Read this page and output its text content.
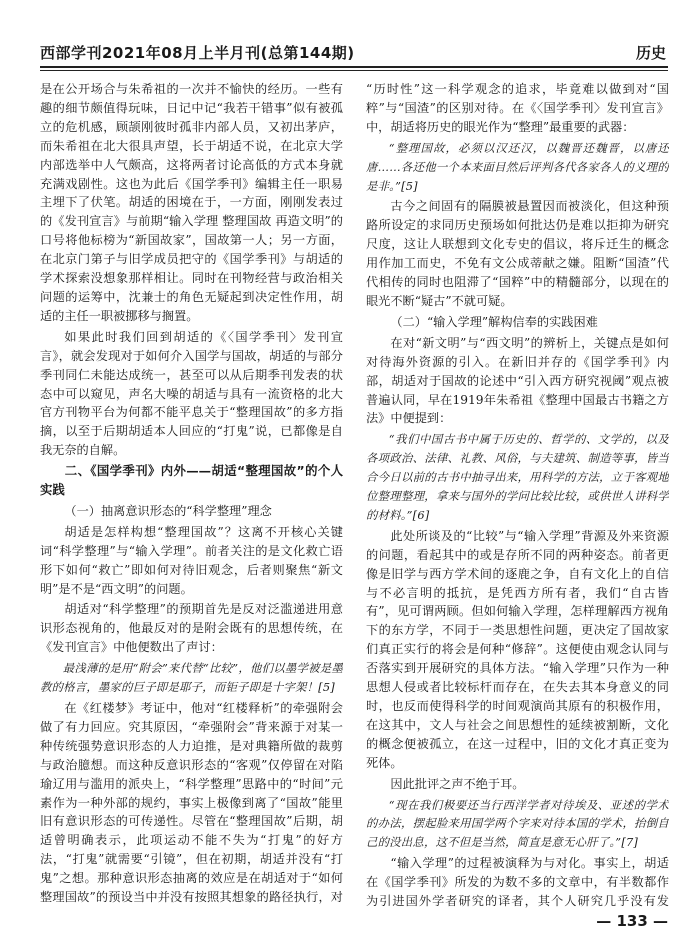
西部学刊2021年08月上半月刊(总第144期)	历史

是在公开场合与朱希祖的一次并不愉快的经历。一些有趣的细节颇值得玩味，日记中记“我若干错事”似有被孤立的危机感，顾颉刚彼时孤非内部人员，又初出茅庐，而朱希祖在北大很具声望，长于胡适不说，在北京大学内部选举中人气颇高，这将两者讨论高低的方式本身就充满戏剧性。这也为此后《国学季刊》编辑主任一职易主埋下了伏笔。胡适的困境在于，一方面，刚刚发表过的《发刊宣言》与前期“输入学理 整理国故 再造文明”的口号将他标榜为“新国故家”，国故第一人；另一方面，在北京门第子与旧学成员把守的《国学季刊》与胡适的学术探索没想象那样相让。同时在刊物经营与政治相关问题的运筹中，沈兼士的角色无疑起到决定性作用，胡适的主任一职被挪移与搁置。

如果此时我们回到胡适的《〈国学季刊〉发刊宣言》，就会发现对于如何介入国学与国故，胡适的与部分季刊同仁未能达成统一，甚至可以从后期季刊发表的状态中可以窥见，声名大噪的胡适与具有一流资格的北大官方刊物平台为何都不能平息关于“整理国故”的多方指摘，以至于后期胡适本人回应的“打鬼”说，已都像是自我无奈的自解。

二、《国学季刊》内外——胡适“整理国故”的个人实践

（一）抽离意识形态的“科学整理”理念

胡适是怎样构想“整理国故”？这离不开核心关键词“科学整理”与“输入学理”。前者关注的是文化救亡语形下如何“救亡”即如何对待旧观念，后者则聚焦“新文明”是不是“西文明”的问题。

胡适对“科学整理”的预期首先是反对泛滥递进用意识形态视角的，他最反对的是附会既有的思想传统，在《发刊宣言》中他便数出了声讨：

最浅薄的是用“附会”来代替“比较”，他们以墨学被是墨教的格言，墨家的巨子即是耶子，而钜子即是十字架！[5]

在《红楼梦》考证中，他对“红楼释析”的牵强附会做了有力回应。究其原因，“牵强附会”背来源于对某一种传统强势意识形态的人力迫推，是对典籍所做的裁剪与政治臆想。而这种反意识形态的“客观”仅停留在对陷瑜辽用与滥用的派央上，“科学整理”思路中的“时间”元素作为一种外部的规约，事实上极像到离了“国故”能里旧有意识形态的可传递性。尽管在“整理国故”后期，胡适曾明确表示，此项运动不能不失为“打鬼”的好方法，“打鬼”就需要“引镜”，但在初期，胡适并没有“打鬼”之想。那种意识形态抽离的效应是在胡适对于“如何整理国故”的预设当中并没有按照其想象的路径执行，对

“历时性”这一科学观念的追求，毕竟难以做到对“国粹”与“国渣”的区别对待。在《〈国学季刊〉发刊宣言》中，胡适将历史的眼光作为“整理”最重要的武器：

“整理国故，必须以汉还汉，以魏晋还魏晋，以唐还唐……各还他一个本来面目然后评判各代各家各人的义理的是非。”[5]

古今之间固有的隔膜被悬置因而被淡化，但这种预路所设定的求同历史预场如何批达仍是难以拒抑为研究尺度，这让人联想到文化专史的倡议，将斥迁生的概念用作加工而史，不免有文公成蒂献之嫌。阻断“国渣”代代相传的同时也阻滞了“国粹”中的精髓部分，以现在的眼光不断“疑古”不就可疑。

（二）“输入学理”解构信奉的实践困难

在对“新文明”与“西文明”的辨析上，关键点是如何对待海外资源的引入。在新旧并存的《国学季刊》内部，胡适对于国故的论述中“引入西方研究视阈”观点被普遍认同，早在1919年朱希祖《整理中国最古书籍之方法》中便提到：

“我们中国古书中属于历史的、哲学的、文学的，以及各项政治、法律、礼教、风俗，与夫建筑、制造等事，皆当合今日以前的古书中抽寻出来，用科学的方法，立于客观地位整理整理，拿来与国外的学问比较比较，或供世人讲科学的材料。”[6]

此处所谈及的“比较”与“输入学理”背源及外来资源的问题，看起其中的或是存所不同的两种姿态。前者更像是旧学与西方学术间的逐鹿之争，自有文化上的自信与不必言明的抵抗，是凭西方所有者，我们“自古皆有”，见可谓两顾。但如何输入学理，怎样理解西方视角下的东方学，不同于一类思想性问题，更决定了国故家们真正实行的将会是何种“修辞”。这便使由观念认同与否落实到开展研究的具体方法。“输入学理”只作为一种思想人侵或者比较标杆而存在，在失去其本身意义的同时，也反而使得科学的时间观演尚其原有的积极作用，在这其中，文人与社会之间思想性的延续被割断，文化的概念便被孤立，在这一过程中，旧的文化才真正变为死体。

因此批评之声不绝于耳。

“现在我们极要还当行西洋学者对待埃及、亚述的学术的办法，摆起脸来用国学两个字来对待本国的学术，抬倒自己的没出息，这不但是当然，简直是意无心肝了。”[7]

“输入学理”的过程被演释为与对化。事实上，胡适在《国学季刊》所发的为数不多的文章中，有半数都作为引进国外学者研究的译者，其个人研究几乎没有发

— 133 —
